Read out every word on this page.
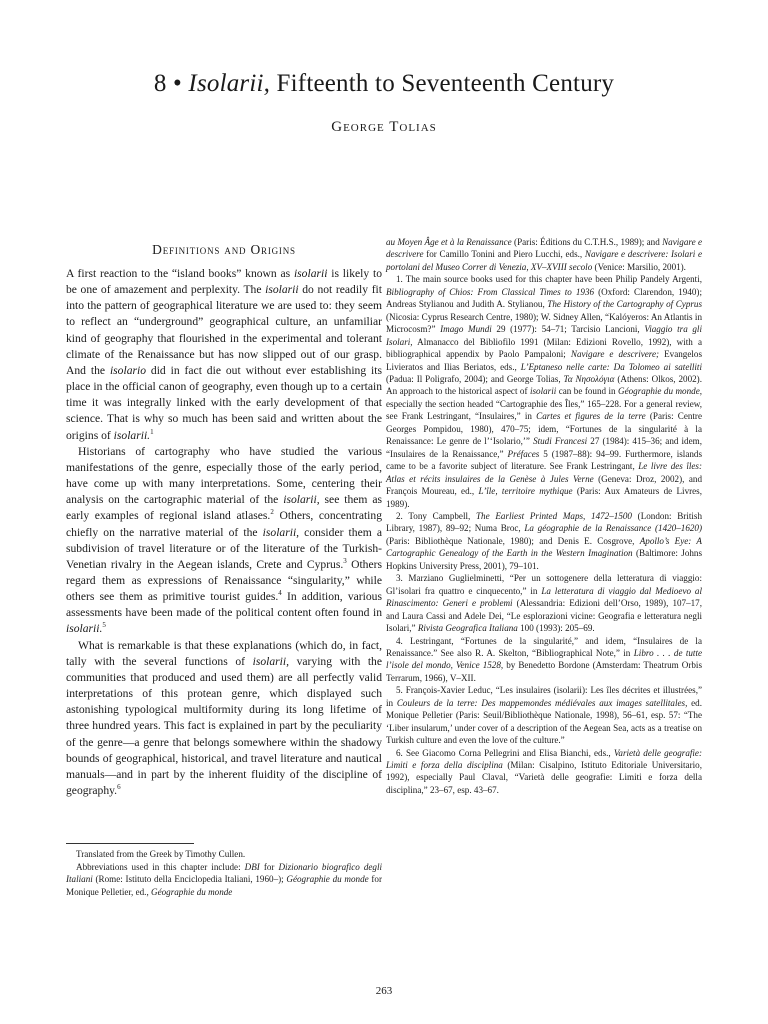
8 • Isolarii, Fifteenth to Seventeenth Century
George Tolias
Definitions and Origins

A first reaction to the “island books” known as isolarii is likely to be one of amazement and perplexity. The isolarii do not readily fit into the pattern of geographical literature we are used to: they seem to reflect an “underground” geographical culture, an unfamiliar kind of geography that flourished in the experimental and tolerant climate of the Renaissance but has now slipped out of our grasp. And the isolario did in fact die out without ever establishing its place in the official canon of geography, even though up to a certain time it was integrally linked with the early development of that science. That is why so much has been said and written about the origins of isolarii.$^1$

Historians of cartography who have studied the various manifestations of the genre, especially those of the early period, have come up with many interpretations. Some, centering their analysis on the cartographic material of the isolarii, see them as early examples of regional island atlases.$^2$ Others, concentrating chiefly on the narrative material of the isolarii, consider them a subdivision of travel literature or of the literature of the Turkish-Venetian rivalry in the Aegean islands, Crete and Cyprus.$^3$ Others regard them as expressions of Renaissance “singularity,” while others see them as primitive tourist guides.$^4$ In addition, various assessments have been made of the political content often found in isolarii.$^5$

What is remarkable is that these explanations (which do, in fact, tally with the several functions of isolarii, varying with the communities that produced and used them) are all perfectly valid interpretations of this protean genre, which displayed such astonishing typological multiformity during its long lifetime of three hundred years. This fact is explained in part by the peculiarity of the genre—a genre that belongs somewhere within the shadowy bounds of geographical, historical, and travel literature and nautical manuals—and in part by the inherent fluidity of the discipline of geography.$^6$

Translated from the Greek by Timothy Cullen.

Abbreviations used in this chapter include: DBI for Dizionario biografico degli Italiani (Rome: Istituto della Enciclopedia Italiani, 1960–); Géographie du monde for Monique Pelletier, ed., Géographie du monde

au Moyen Âge et à la Renaissance (Paris: Éditions du C.T.H.S., 1989); and Navigare e descrivere for Camillo Tonini and Piero Lucchi, eds., Navigare e descrivere: Isolari e portolani del Museo Correr di Venezia, XV–XVIII secolo (Venice: Marsilio, 2001).

1. The main source books used for this chapter have been Philip Pandely Argenti, Bibliography of Chios: From Classical Times to 1936 (Oxford: Clarendon, 1940); Andreas Stylianou and Judith A. Stylianou, The History of the Cartography of Cyprus (Nicosia: Cyprus Research Centre, 1980); W. Sidney Allen, “Kalóyeros: An Atlantis in Microcosm?” Imago Mundi 29 (1977): 54–71; Tarcisio Lancioni, Viaggio tra gli Isolari, Almanacco del Bibliofilo 1991 (Milan: Edizioni Rovello, 1992), with a bibliographical appendix by Paolo Pampaloni; Navigare e descrivere; Evangelos Livieratos and Ilias Beriatos, eds., L’Eptaneso nelle carte: Da Tolomeo ai satelliti (Padua: Il Poligrafo, 2004); and George Tolias, Τα Νησολόγια (Athens: Olkos, 2002). An approach to the historical aspect of isolarii can be found in Géographie du monde, especially the section headed “Cartographie des Îles,” 165–228. For a general review, see Frank Lestringant, “Insulaires,” in Cartes et figures de la terre (Paris: Centre Georges Pompidou, 1980), 470–75; idem, “Fortunes de la singularité à la Renaissance: Le genre de l’‘Isolario,’” Studi Francesi 27 (1984): 415–36; and idem, “Insulaires de la Renaissance,” Préfaces 5 (1987–88): 94–99. Furthermore, islands came to be a favorite subject of literature. See Frank Lestringant, Le livre des îles: Atlas et récits insulaires de la Genèse à Jules Verne (Geneva: Droz, 2002), and François Moureau, ed., L’île, territoire mythique (Paris: Aux Amateurs de Livres, 1989).

2. Tony Campbell, The Earliest Printed Maps, 1472–1500 (London: British Library, 1987), 89–92; Numa Broc, La géographie de la Renaissance (1420–1620) (Paris: Bibliothèque Nationale, 1980); and Denis E. Cosgrove, Apollo’s Eye: A Cartographic Genealogy of the Earth in the Western Imagination (Baltimore: Johns Hopkins University Press, 2001), 79–101.

3. Marziano Guglielminetti, “Per un sottogenere della letteratura di viaggio: Gl’isolari fra quattro e cinquecento,” in La letteratura di viaggio dal Medioevo al Rinascimento: Generi e problemi (Alessandria: Edizioni dell’Orso, 1989), 107–17, and Laura Cassi and Adele Dei, “Le esplorazioni vicine: Geografia e letteratura negli Isolari,” Rivista Geografica Italiana 100 (1993): 205–69.

4. Lestringant, “Fortunes de la singularité,” and idem, “Insulaires de la Renaissance.” See also R. A. Skelton, “Bibliographical Note,” in Libro . . . de tutte l’isole del mondo, Venice 1528, by Benedetto Bordone (Amsterdam: Theatrum Orbis Terrarum, 1966), V–XII.

5. François-Xavier Leduc, “Les insulaires (isolarii): Les îles décrites et illustrées,” in Couleurs de la terre: Des mappemondes médiévales aux images satellitales, ed. Monique Pelletier (Paris: Seuil/Bibliothèque Nationale, 1998), 56–61, esp. 57: “The ‘Liber insularum,’ under cover of a description of the Aegean Sea, acts as a treatise on Turkish culture and even the love of the culture.”

6. See Giacomo Corna Pellegrini and Elisa Bianchi, eds., Varietà delle geografie: Limiti e forza della disciplina (Milan: Cisalpino, Istituto Editoriale Universitario, 1992), especially Paul Claval, “Varietà delle geografie: Limiti e forza della disciplina,” 23–67, esp. 43–67.

263
